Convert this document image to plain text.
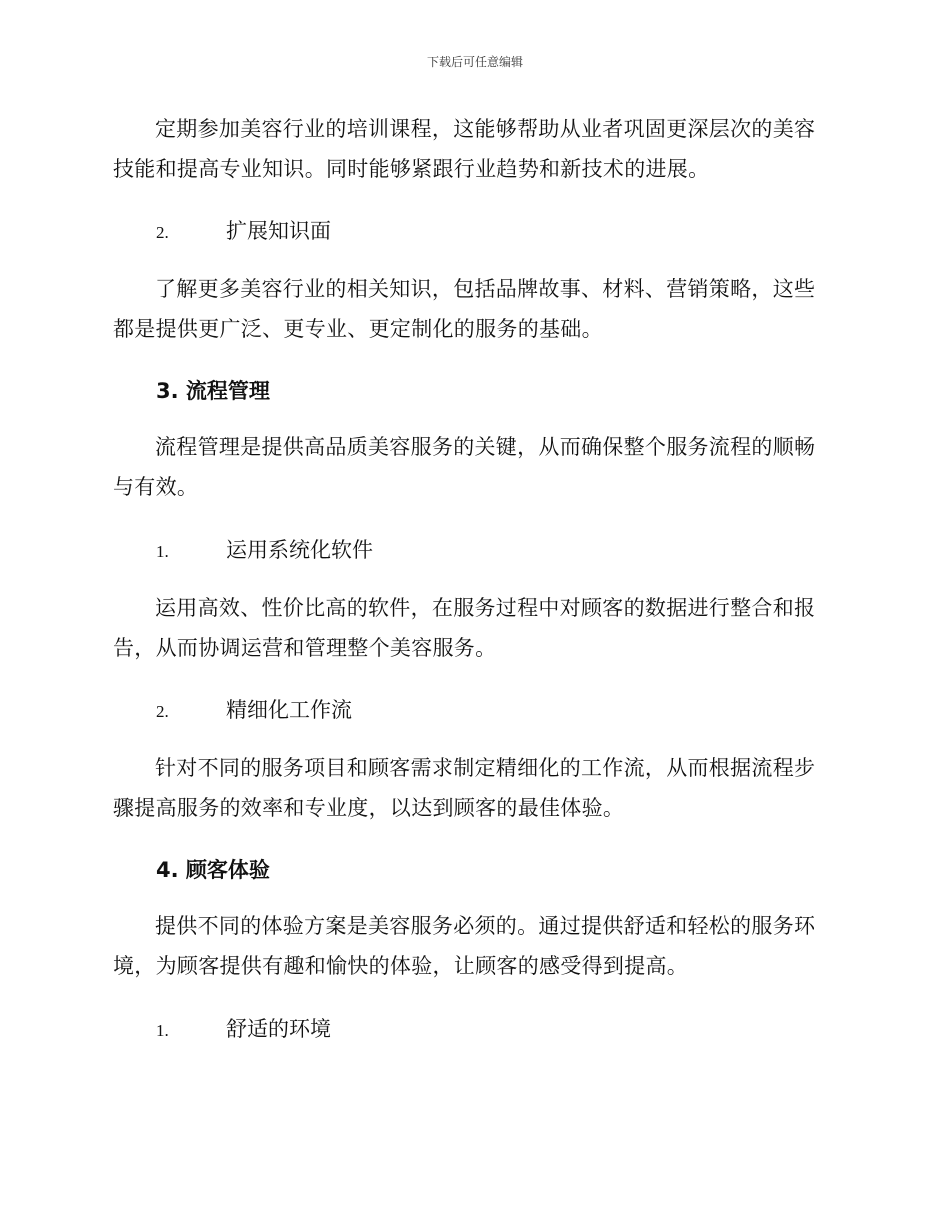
下载后可任意编辑

定期参加美容行业的培训课程，这能够帮助从业者巩固更深层次的美容技能和提高专业知识。同时能够紧跟行业趋势和新技术的进展。

2.	扩展知识面

了解更多美容行业的相关知识，包括品牌故事、材料、营销策略，这些都是提供更广泛、更专业、更定制化的服务的基础。

3. 流程管理

流程管理是提供高品质美容服务的关键，从而确保整个服务流程的顺畅与有效。

1.	运用系统化软件

运用高效、性价比高的软件，在服务过程中对顾客的数据进行整合和报告，从而协调运营和管理整个美容服务。

2.	精细化工作流

针对不同的服务项目和顾客需求制定精细化的工作流，从而根据流程步骤提高服务的效率和专业度，以达到顾客的最佳体验。

4. 顾客体验

提供不同的体验方案是美容服务必须的。通过提供舒适和轻松的服务环境，为顾客提供有趣和愉快的体验，让顾客的感受得到提高。

1.	舒适的环境
